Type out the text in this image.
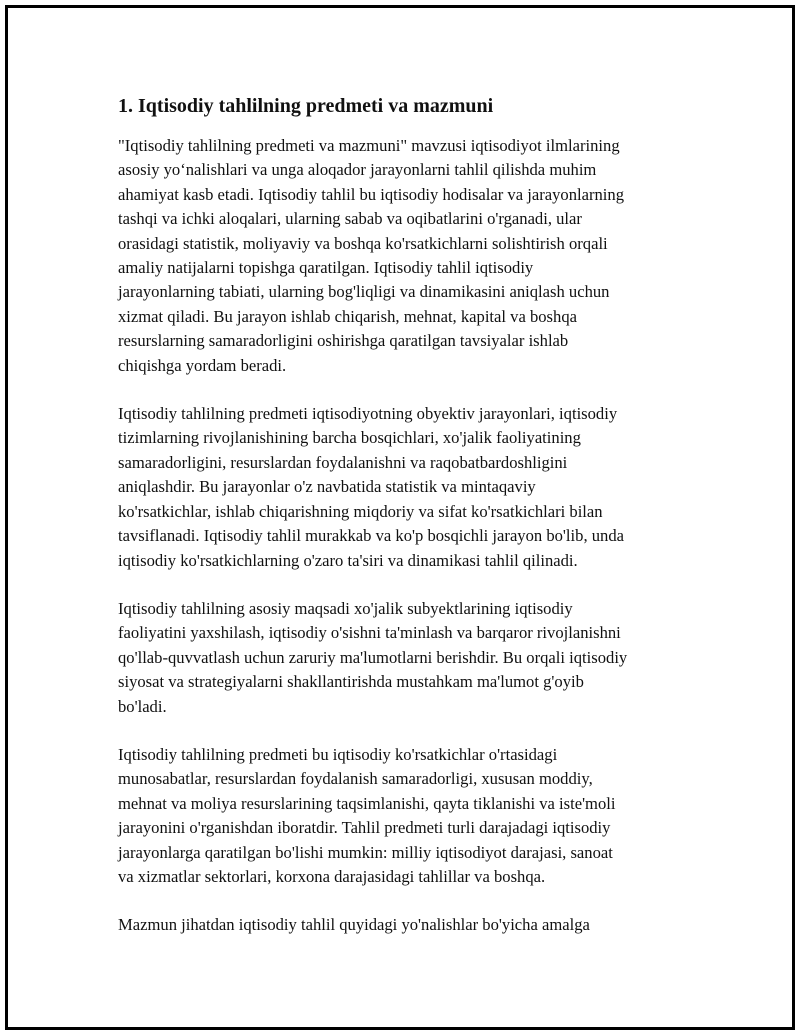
1. Iqtisodiy tahlilning predmeti va mazmuni

"Iqtisodiy tahlilning predmeti va mazmuni" mavzusi iqtisodiyot ilmlarining
asosiy yo‘nalishlari va unga aloqador jarayonlarni tahlil qilishda muhim
ahamiyat kasb etadi. Iqtisodiy tahlil bu iqtisodiy hodisalar va jarayonlarning
tashqi va ichki aloqalari, ularning sabab va oqibatlarini o'rganadi, ular
orasidagi statistik, moliyaviy va boshqa ko'rsatkichlarni solishtirish orqali
amaliy natijalarni topishga qaratilgan. Iqtisodiy tahlil iqtisodiy
jarayonlarning tabiati, ularning bog'liqligi va dinamikasini aniqlash uchun
xizmat qiladi. Bu jarayon ishlab chiqarish, mehnat, kapital va boshqa
resurslarning samaradorligini oshirishga qaratilgan tavsiyalar ishlab
chiqishga yordam beradi.

Iqtisodiy tahlilning predmeti iqtisodiyotning obyektiv jarayonlari, iqtisodiy
tizimlarning rivojlanishining barcha bosqichlari, xo'jalik faoliyatining
samaradorligini, resurslardan foydalanishni va raqobatbardoshligini
aniqlashdir. Bu jarayonlar o'z navbatida statistik va mintaqaviy
ko'rsatkichlar, ishlab chiqarishning miqdoriy va sifat ko'rsatkichlari bilan
tavsiflanadi. Iqtisodiy tahlil murakkab va ko'p bosqichli jarayon bo'lib, unda
iqtisodiy ko'rsatkichlarning o'zaro ta'siri va dinamikasi tahlil qilinadi.

Iqtisodiy tahlilning asosiy maqsadi xo'jalik subyektlarining iqtisodiy
faoliyatini yaxshilash, iqtisodiy o'sishni ta'minlash va barqaror rivojlanishni
qo'llab-quvvatlash uchun zaruriy ma'lumotlarni berishdir. Bu orqali iqtisodiy
siyosat va strategiyalarni shakllantirishda mustahkam ma'lumot g'oyib
bo'ladi.

Iqtisodiy tahlilning predmeti bu iqtisodiy ko'rsatkichlar o'rtasidagi
munosabatlar, resurslardan foydalanish samaradorligi, xususan moddiy,
mehnat va moliya resurslarining taqsimlanishi, qayta tiklanishi va iste'moli
jarayonini o'rganishdan iboratdir. Tahlil predmeti turli darajadagi iqtisodiy
jarayonlarga qaratilgan bo'lishi mumkin: milliy iqtisodiyot darajasi, sanoat
va xizmatlar sektorlari, korxona darajasidagi tahlillar va boshqa.

Mazmun jihatdan iqtisodiy tahlil quyidagi yo'nalishlar bo'yicha amalga
